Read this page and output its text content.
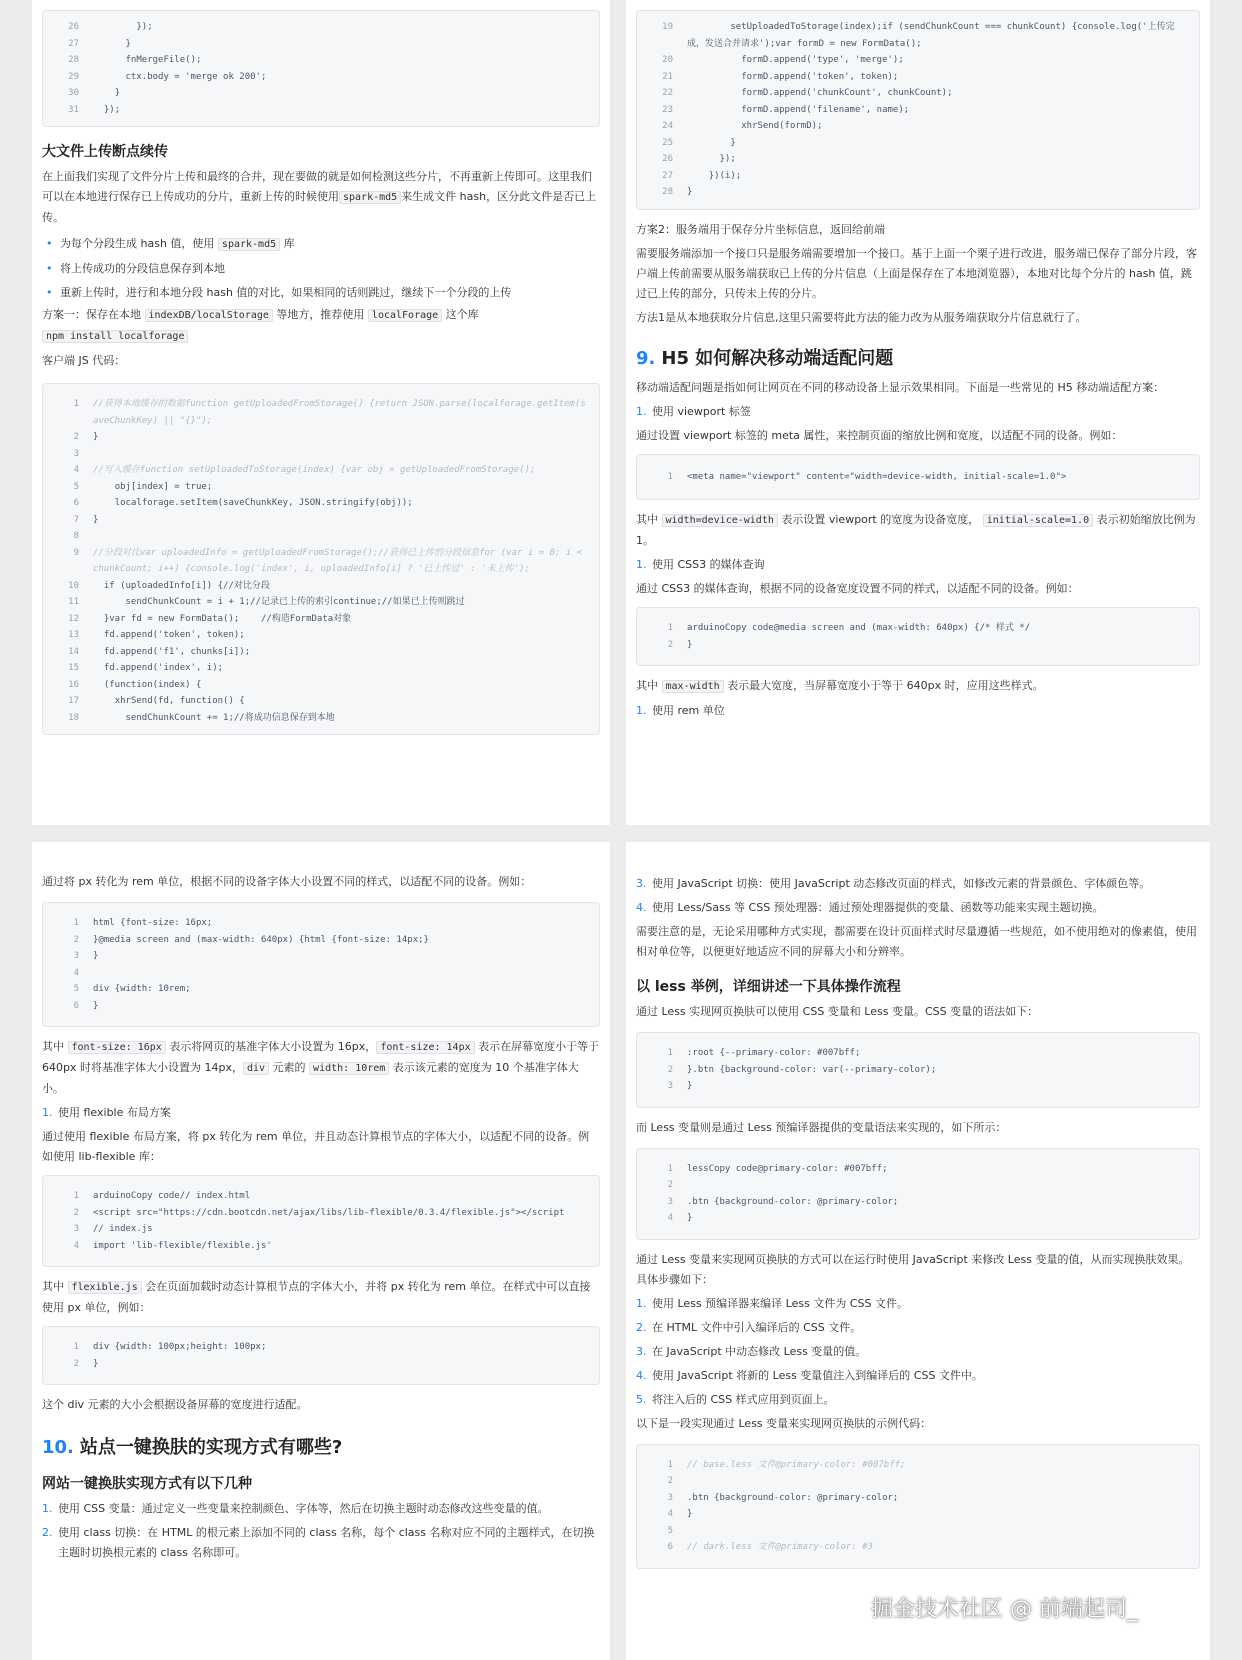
26 });
27 }
28 fnMergeFile();
29 ctx.body = 'merge ok 200';
30 }
31 });
大文件上传断点续传

在上面我们实现了文件分片上传和最终的合并，现在要做的就是如何检测这些分片，不再重新上传即可。这里我们可以在本地进行保存已上传成功的分片，重新上传的时候使用 spark-md5 来生成文件 hash，区分此文件是否已上传。

• 为每个分段生成 hash 值，使用 spark-md5 库
• 将上传成功的分段信息保存到本地
• 重新上传时，进行和本地分段 hash 值的对比，如果相同的话则跳过，继续下一个分段的上传

方案一：保存在本地 indexDB/localStorage 等地方，推荐使用 localForage 这个库
npm install localforage

客户端 JS 代码：

1 //获得本地缓存的数据function getUploadedFromStorage() {return JSON.parse(localforage.getItem(saveChunkKey) || "{}");
2 }
3
4 //写入缓存function setUploadedToStorage(index) {var obj = getUploadedFromStorage();
5 obj[index] = true;
6 localforage.setItem(saveChunkKey, JSON.stringify(obj));
7 }
8
9 //分段对比var uploadedInfo = getUploadedFromStorage();//获得已上传的分段信息for (var i = 0; i < chunkCount; i++) {console.log('index', i, uploadedInfo[i] ? '已上传过' : '未上传');
10 if (uploadedInfo[i]) {//对比分段
11 sendChunkCount = i + 1;//记录已上传的索引continue;//如果已上传则跳过
12 }var fd = new FormData();    //构造FormData对象
13 fd.append('token', token);
14 fd.append('f1', chunks[i]);
15 fd.append('index', i);
16 (function(index) {
17 xhrSend(fd, function() {
18 sendChunkCount += 1;//将成功信息保存到本地
19 setUploadedToStorage(index);if (sendChunkCount === chunkCount) {console.log('上传完成，发送合并请求');var formD = new FormData();
20 formD.append('type', 'merge');
21 formD.append('token', token);
22 formD.append('chunkCount', chunkCount);
23 formD.append('filename', name);
24 xhrSend(formD);
25 }
26 });
27 })(i);
28 }

方案2：服务端用于保存分片坐标信息，返回给前端

需要服务端添加一个接口只是服务端需要增加一个接口。基于上面一个栗子进行改进，服务端已保存了部分片段，客户端上传前需要从服务端获取已上传的分片信息（上面是保存在了本地浏览器），本地对比每个分片的 hash 值，跳过已上传的部分，只传未上传的分片。

方法1是从本地获取分片信息,这里只需要将此方法的能力改为从服务端获取分片信息就行了。

9. H5 如何解决移动端适配问题

移动端适配问题是指如何让网页在不同的移动设备上显示效果相同。下面是一些常见的 H5 移动端适配方案：

1. 使用 viewport 标签

通过设置 viewport 标签的 meta 属性，来控制页面的缩放比例和宽度，以适配不同的设备。例如：

1 <meta name="viewport" content="width=device-width, initial-scale=1.0">

其中 width=device-width 表示设置 viewport 的宽度为设备宽度， initial-scale=1.0 表示初始缩放比例为 1。

1. 使用 CSS3 的媒体查询

通过 CSS3 的媒体查询，根据不同的设备宽度设置不同的样式，以适配不同的设备。例如：

1 arduinoCopy code@media screen and (max-width: 640px) {/* 样式 */
2 }

其中 max-width 表示最大宽度，当屏幕宽度小于等于 640px 时，应用这些样式。

1. 使用 rem 单位

通过将 px 转化为 rem 单位，根据不同的设备字体大小设置不同的样式，以适配不同的设备。例如：

1 html {font-size: 16px;
2 }@media screen and (max-width: 640px) {html {font-size: 14px;}
3 }
4
5 div {width: 10rem;
6 }

其中 font-size: 16px 表示将网页的基准字体大小设置为 16px， font-size: 14px 表示在屏幕宽度小于等于 640px 时将基准字体大小设置为 14px， div 元素的 width: 10rem 表示该元素的宽度为 10 个基准字体大小。

1. 使用 flexible 布局方案

通过使用 flexible 布局方案，将 px 转化为 rem 单位，并且动态计算根节点的字体大小，以适配不同的设备。例如使用 lib-flexible 库：

1 arduinoCopy code// index.html
2 <script src="https://cdn.bootcdn.net/ajax/libs/lib-flexible/0.3.4/flexible.js"></script
3 // index.js
4 import 'lib-flexible/flexible.js'

其中 flexible.js 会在页面加载时动态计算根节点的字体大小，并将 px 转化为 rem 单位。在样式中可以直接使用 px 单位，例如：

1 div {width: 100px;height: 100px;
2 }

这个 div 元素的大小会根据设备屏幕的宽度进行适配。

10. 站点一键换肤的实现方式有哪些?
网站一键换肤实现方式有以下几种
1. 使用 CSS 变量：通过定义一些变量来控制颜色、字体等，然后在切换主题时动态修改这些变量的值。
2. 使用 class 切换：在 HTML 的根元素上添加不同的 class 名称，每个 class 名称对应不同的主题样式，在切换主题时切换根元素的 class 名称即可。
3. 使用 JavaScript 切换：使用 JavaScript 动态修改页面的样式，如修改元素的背景颜色、字体颜色等。
4. 使用 Less/Sass 等 CSS 预处理器：通过预处理器提供的变量、函数等功能来实现主题切换。

需要注意的是，无论采用哪种方式实现，都需要在设计页面样式时尽量遵循一些规范，如不使用绝对的像素值，使用相对单位等，以便更好地适应不同的屏幕大小和分辨率。

以 less 举例，详细讲述一下具体操作流程

通过 Less 实现网页换肤可以使用 CSS 变量和 Less 变量。CSS 变量的语法如下：

1 :root {--primary-color: #007bff;
2 }.btn {background-color: var(--primary-color);
3 }

而 Less 变量则是通过 Less 预编译器提供的变量语法来实现的，如下所示：

1 lessCopy code@primary-color: #007bff;
2
3 .btn {background-color: @primary-color;
4 }

通过 Less 变量来实现网页换肤的方式可以在运行时使用 JavaScript 来修改 Less 变量的值，从而实现换肤效果。具体步骤如下：

1. 使用 Less 预编译器来编译 Less 文件为 CSS 文件。
2. 在 HTML 文件中引入编译后的 CSS 文件。
3. 在 JavaScript 中动态修改 Less 变量的值。
4. 使用 JavaScript 将新的 Less 变量值注入到编译后的 CSS 文件中。
5. 将注入后的 CSS 样式应用到页面上。

以下是一段实现通过 Less 变量来实现网页换肤的示例代码：

1 // base.less 文件@primary-color: #007bff;
2
3 .btn {background-color: @primary-color;
4 }
5
6 // dark.less 文件@primary-color: #3
掘金技术社区 @ 前端起司_
